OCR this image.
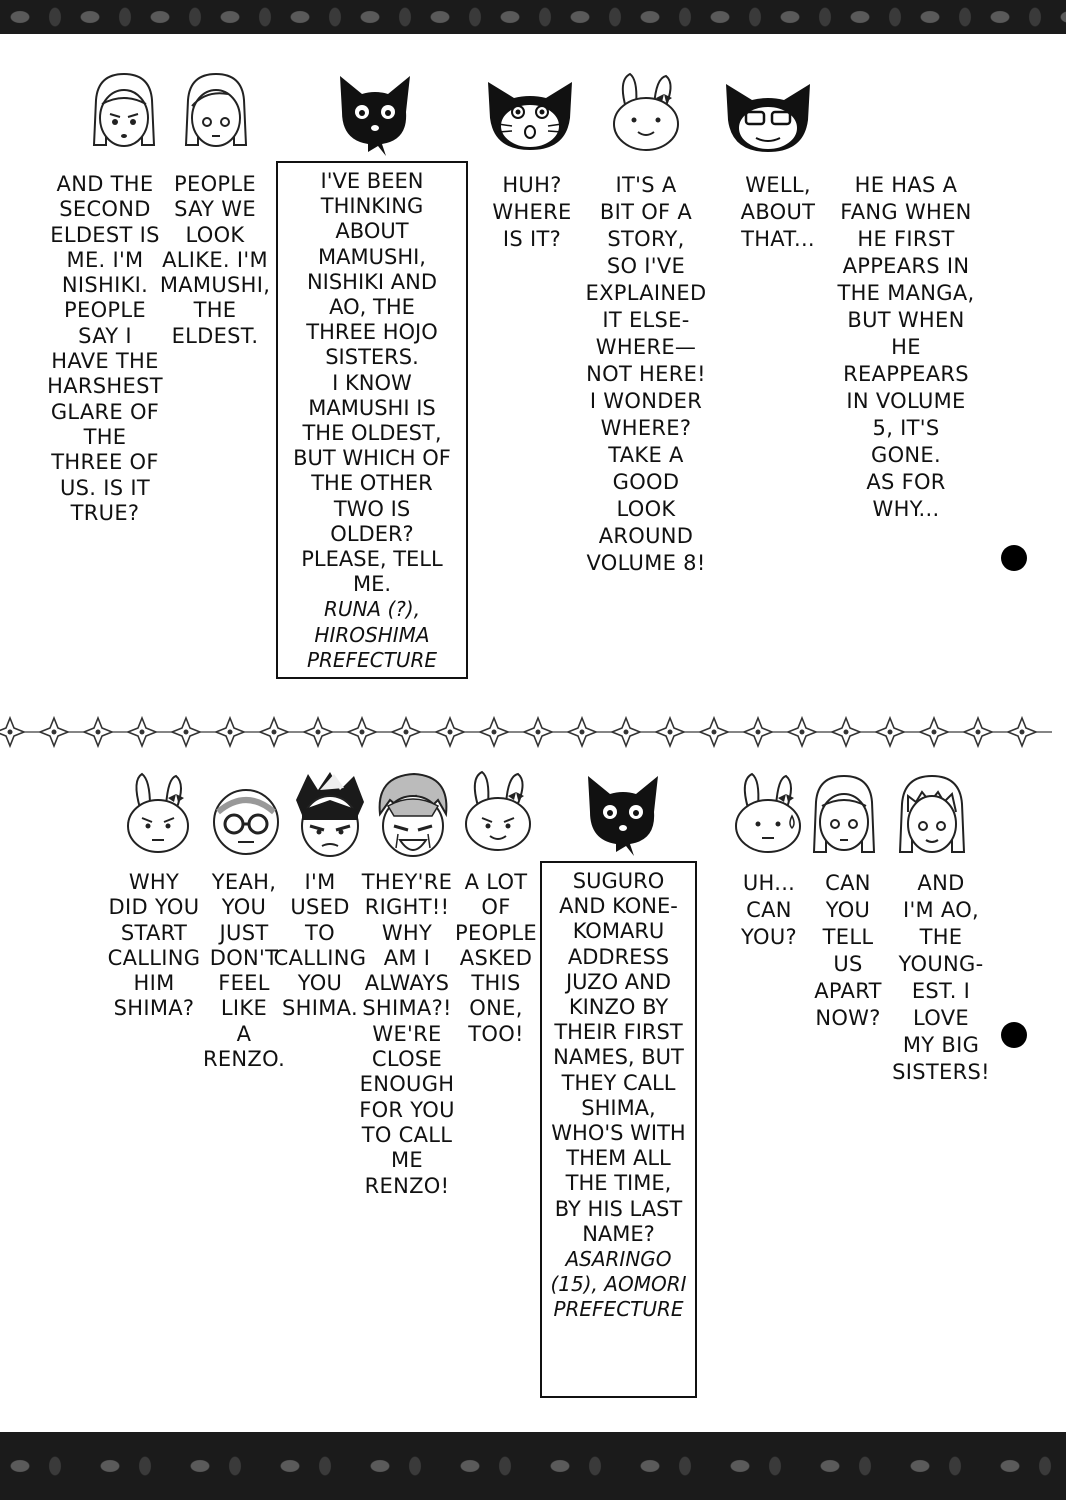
AND THE
SECOND
ELDEST IS
ME. I'M
NISHIKI.
PEOPLE
SAY I
HAVE THE
HARSHEST
GLARE OF
THE
THREE OF
US. IS IT
TRUE?
PEOPLE
SAY WE
LOOK
ALIKE. I'M
MAMUSHI,
THE
ELDEST.
I'VE BEEN
THINKING
ABOUT
MAMUSHI,
NISHIKI AND
AO, THE
THREE HOJO
SISTERS.
I KNOW
MAMUSHI IS
THE OLDEST,
BUT WHICH OF
THE OTHER
TWO IS
OLDER?
PLEASE, TELL
ME.
RUNA (?),
HIROSHIMA
PREFECTURE
HUH?
WHERE
IS IT?
IT'S A
BIT OF A
STORY,
SO I'VE
EXPLAINED
IT ELSE-
WHERE—
NOT HERE!
I WONDER
WHERE?
TAKE A
GOOD
LOOK
AROUND
VOLUME 8!
WELL,
ABOUT
THAT...
HE HAS A
FANG WHEN
HE FIRST
APPEARS IN
THE MANGA,
BUT WHEN
HE
REAPPEARS
IN VOLUME
5, IT'S
GONE.
AS FOR
WHY...
WHY
DID YOU
START
CALLING
HIM
SHIMA?
YEAH,
YOU
JUST
DON'T
FEEL
LIKE
A
RENZO.
I'M
USED
TO
CALLING
YOU
SHIMA.
THEY'RE
RIGHT!!
WHY
AM I
ALWAYS
SHIMA?!
WE'RE
CLOSE
ENOUGH
FOR YOU
TO CALL
ME
RENZO!
A LOT
OF
PEOPLE
ASKED
THIS
ONE,
TOO!
SUGURO
AND KONE-
KOMARU
ADDRESS
JUZO AND
KINZO BY
THEIR FIRST
NAMES, BUT
THEY CALL
SHIMA,
WHO'S WITH
THEM ALL
THE TIME,
BY HIS LAST
NAME?
ASARINGO
(15), AOMORI
PREFECTURE
UH...
CAN
YOU?
CAN
YOU
TELL
US
APART
NOW?
AND
I'M AO,
THE
YOUNG-
EST. I
LOVE
MY BIG
SISTERS!
